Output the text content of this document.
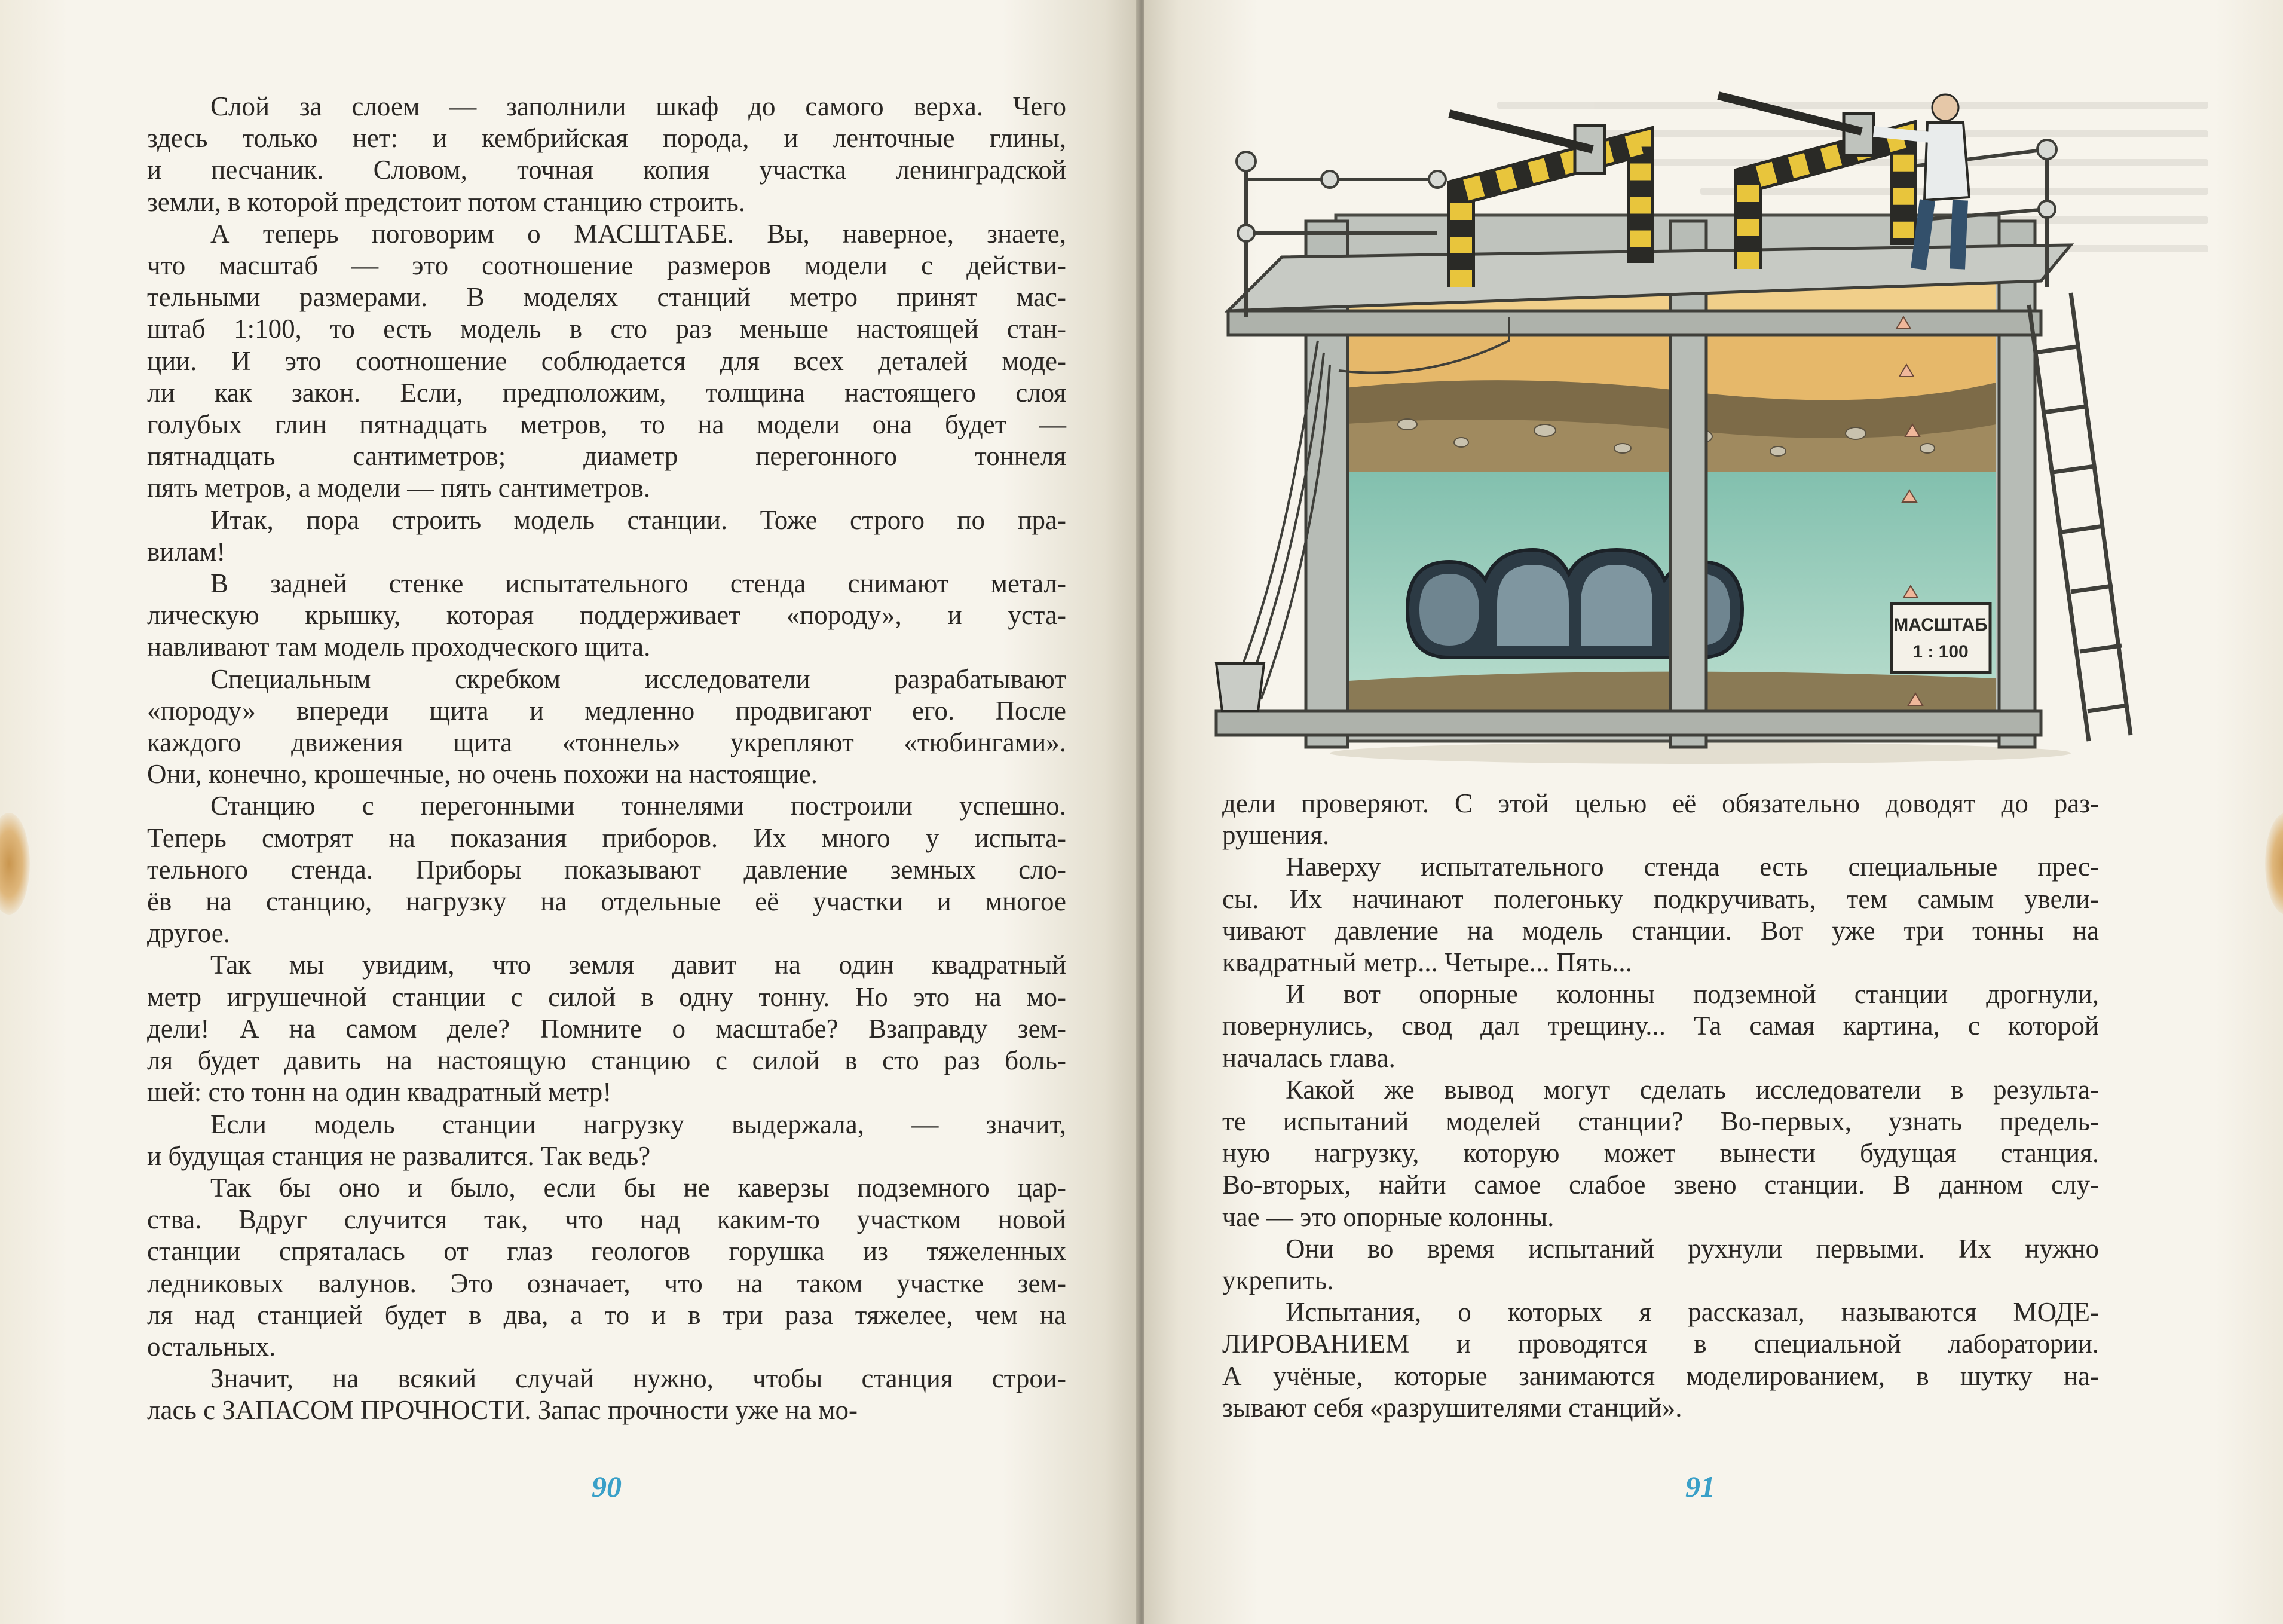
Слой за слоем — заполнили шкаф до самого верха. Чего
здесь только нет: и кембрийская порода, и ленточные глины,
и песчаник. Словом, точная копия участка ленинградской
земли, в которой предстоит потом станцию строить.
А теперь поговорим о МАСШТАБЕ. Вы, наверное, знаете,
что масштаб — это соотношение размеров модели с действи-
тельными размерами. В моделях станций метро принят мас-
штаб 1:100, то есть модель в сто раз меньше настоящей стан-
ции. И это соотношение соблюдается для всех деталей моде-
ли как закон. Если, предположим, толщина настоящего слоя
голубых глин пятнадцать метров, то на модели она будет —
пятнадцать сантиметров; диаметр перегонного тоннеля
пять метров, а модели — пять сантиметров.
Итак, пора строить модель станции. Тоже строго по пра-
вилам!
В задней стенке испытательного стенда снимают метал-
лическую крышку, которая поддерживает «породу», и уста-
навливают там модель проходческого щита.
Специальным скребком исследователи разрабатывают
«породу» впереди щита и медленно продвигают его. После
каждого движения щита «тоннель» укрепляют «тюбингами».
Они, конечно, крошечные, но очень похожи на настоящие.
Станцию с перегонными тоннелями построили успешно.
Теперь смотрят на показания приборов. Их много у испыта-
тельного стенда. Приборы показывают давление земных сло-
ёв на станцию, нагрузку на отдельные её участки и многое
другое.
Так мы увидим, что земля давит на один квадратный
метр игрушечной станции с силой в одну тонну. Но это на мо-
дели! А на самом деле? Помните о масштабе? Взаправду зем-
ля будет давить на настоящую станцию с силой в сто раз боль-
шей: сто тонн на один квадратный метр!
Если модель станции нагрузку выдержала, — значит,
и будущая станция не развалится. Так ведь?
Так бы оно и было, если бы не каверзы подземного цар-
ства. Вдруг случится так, что над каким-то участком новой
станции спряталась от глаз геологов горушка из тяжеленных
ледниковых валунов. Это означает, что на таком участке зем-
ля над станцией будет в два, а то и в три раза тяжелее, чем на
остальных.
Значит, на всякий случай нужно, чтобы станция строи-
лась с ЗАПАСОМ ПРОЧНОСТИ. Запас прочности уже на мо-
90
МАСШТАБ
1 : 100
дели проверяют. С этой целью её обязательно доводят до раз-
рушения.
Наверху испытательного стенда есть специальные прес-
сы. Их начинают полегоньку подкручивать, тем самым увели-
чивают давление на модель станции. Вот уже три тонны на
квадратный метр... Четыре... Пять...
И вот опорные колонны подземной станции дрогнули,
повернулись, свод дал трещину... Та самая картина, с которой
началась глава.
Какой же вывод могут сделать исследователи в результа-
те испытаний моделей станции? Во-первых, узнать предель-
ную нагрузку, которую может вынести будущая станция.
Во-вторых, найти самое слабое звено станции. В данном слу-
чае — это опорные колонны.
Они во время испытаний рухнули первыми. Их нужно
укрепить.
Испытания, о которых я рассказал, называются МОДЕ-
ЛИРОВАНИЕМ и проводятся в специальной лаборатории.
А учёные, которые занимаются моделированием, в шутку на-
зывают себя «разрушителями станций».
91
